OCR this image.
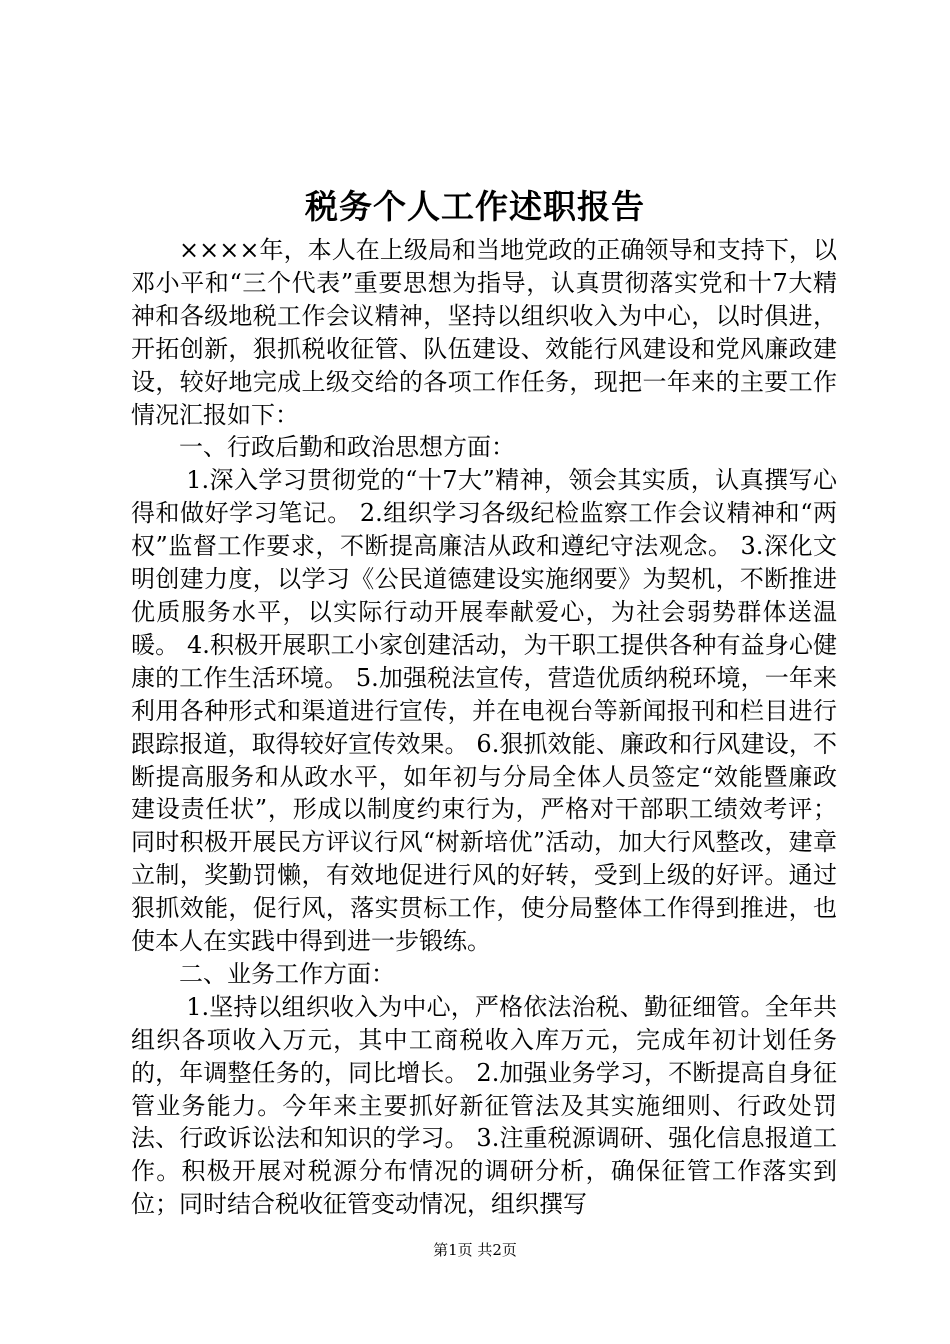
税务个人工作述职报告

××××年，本人在上级局和当地党政的正确领导和支持下，以邓小平和“三个代表”重要思想为指导，认真贯彻落实党和十7大精神和各级地税工作会议精神，坚持以组织收入为中心，以时俱进，开拓创新，狠抓税收征管、队伍建设、效能行风建设和党风廉政建设，较好地完成上级交给的各项工作任务，现把一年来的主要工作情况汇报如下：

一、行政后勤和政治思想方面：

1.深入学习贯彻党的“十7大”精神，领会其实质，认真撰写心得和做好学习笔记。 2.组织学习各级纪检监察工作会议精神和“两权”监督工作要求，不断提高廉洁从政和遵纪守法观念。 3.深化文明创建力度，以学习《公民道德建设实施纲要》为契机，不断推进优质服务水平，以实际行动开展奉献爱心，为社会弱势群体送温暖。 4.积极开展职工小家创建活动，为干职工提供各种有益身心健康的工作生活环境。 5.加强税法宣传，营造优质纳税环境，一年来利用各种形式和渠道进行宣传，并在电视台等新闻报刊和栏目进行跟踪报道，取得较好宣传效果。 6.狠抓效能、廉政和行风建设，不断提高服务和从政水平，如年初与分局全体人员签定“效能暨廉政建设责任状”，形成以制度约束行为，严格对干部职工绩效考评；同时积极开展民方评议行风“树新培优”活动，加大行风整改，建章立制，奖勤罚懒，有效地促进行风的好转，受到上级的好评。通过狠抓效能，促行风，落实贯标工作，使分局整体工作得到推进，也使本人在实践中得到进一步锻练。

二、业务工作方面：

1.坚持以组织收入为中心，严格依法治税、勤征细管。全年共组织各项收入万元，其中工商税收入库万元，完成年初计划任务的，年调整任务的，同比增长。 2.加强业务学习，不断提高自身征管业务能力。今年来主要抓好新征管法及其实施细则、行政处罚法、行政诉讼法和知识的学习。 3.注重税源调研、强化信息报道工作。积极开展对税源分布情况的调研分析，确保征管工作落实到位；同时结合税收征管变动情况，组织撰写

第1页 共2页
